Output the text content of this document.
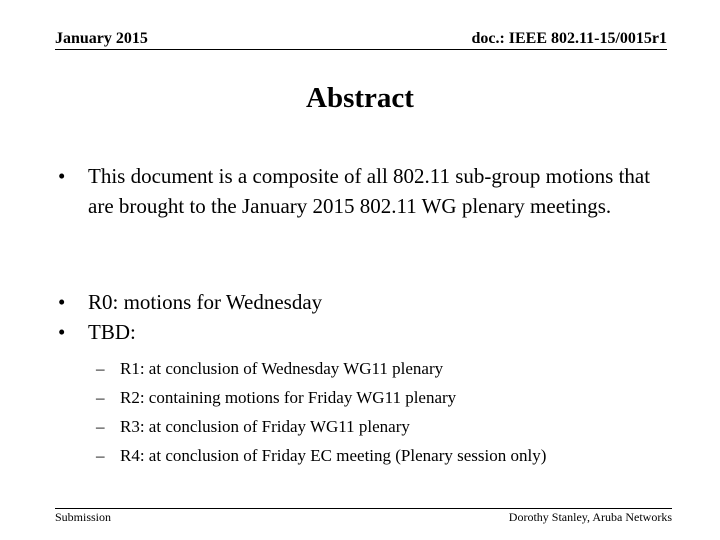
January 2015	doc.: IEEE 802.11-15/0015r1
Abstract
• This document is a composite of all 802.11 sub-group motions that are brought to the January 2015 802.11 WG plenary meetings.
• R0: motions for Wednesday
• TBD:
– R1: at conclusion of Wednesday WG11 plenary
– R2: containing motions for Friday WG11 plenary
– R3: at conclusion of Friday WG11 plenary
– R4: at conclusion of Friday EC meeting (Plenary session only)
Submission	Dorothy Stanley, Aruba Networks
